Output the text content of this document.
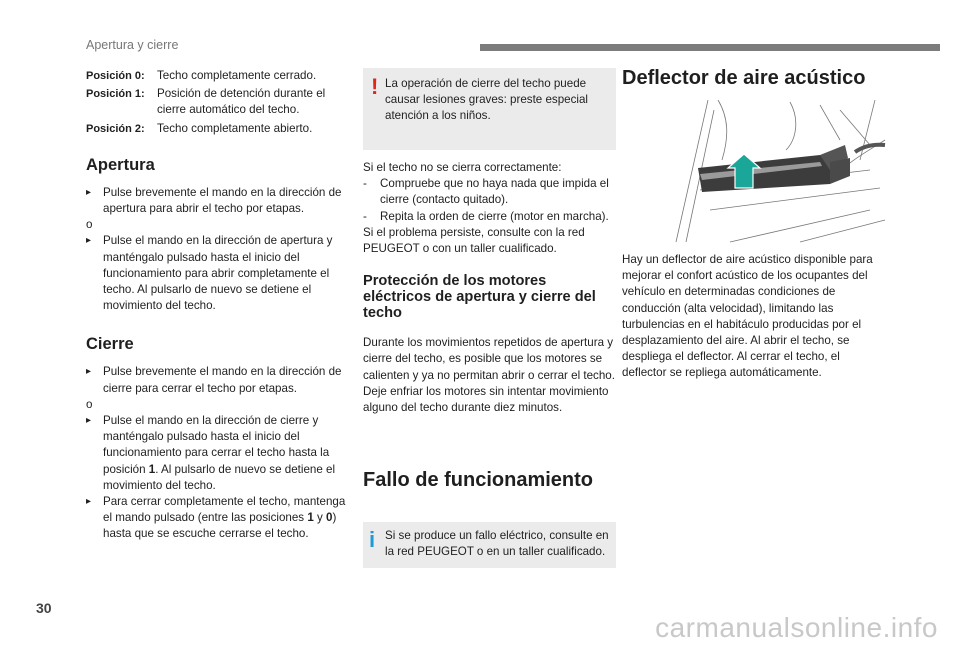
Apertura y cierre
Posición 0:	Techo completamente cerrado.
Posición 1:	Posición de detención durante el cierre automático del techo.
Posición 2:	Techo completamente abierto.
Apertura
▸	Pulse brevemente el mando en la dirección de apertura para abrir el techo por etapas.

o

▸	Pulse el mando en la dirección de apertura y manténgalo pulsado hasta el inicio del funcionamiento para abrir completamente el techo. Al pulsarlo de nuevo se detiene el movimiento del techo.
Cierre
▸	Pulse brevemente el mando en la dirección de cierre para cerrar el techo por etapas.

o

▸	Pulse el mando en la dirección de cierre y manténgalo pulsado hasta el inicio del funcionamiento para cerrar el techo hasta la posición 1. Al pulsarlo de nuevo se detiene el movimiento del techo.
▸	Para cerrar completamente el techo, mantenga el mando pulsado (entre las posiciones 1 y 0) hasta que se escuche cerrarse el techo.
! La operación de cierre del techo puede causar lesiones graves: preste especial atención a los niños.

Si el techo no se cierra correctamente:

-	Compruebe que no haya nada que impida el cierre (contacto quitado).
-	Repita la orden de cierre (motor en marcha).

Si el problema persiste, consulte con la red PEUGEOT o con un taller cualificado.

Protección de los motores eléctricos de apertura y cierre del techo

Durante los movimientos repetidos de apertura y cierre del techo, es posible que los motores se calienten y ya no permitan abrir o cerrar el techo. Deje enfriar los motores sin intentar movimiento alguno del techo durante diez minutos.

Fallo de funcionamiento
i Si se produce un fallo eléctrico, consulte en la red PEUGEOT o en un taller cualificado.
Deflector de aire acústico

Hay un deflector de aire acústico disponible para mejorar el confort acústico de los ocupantes del vehículo en determinadas condiciones de conducción (alta velocidad), limitando las turbulencias en el habitáculo producidas por el desplazamiento del aire. Al abrir el techo, se despliega el deflector. Al cerrar el techo, el deflector se repliega automáticamente.

30
carmanualsonline.info
